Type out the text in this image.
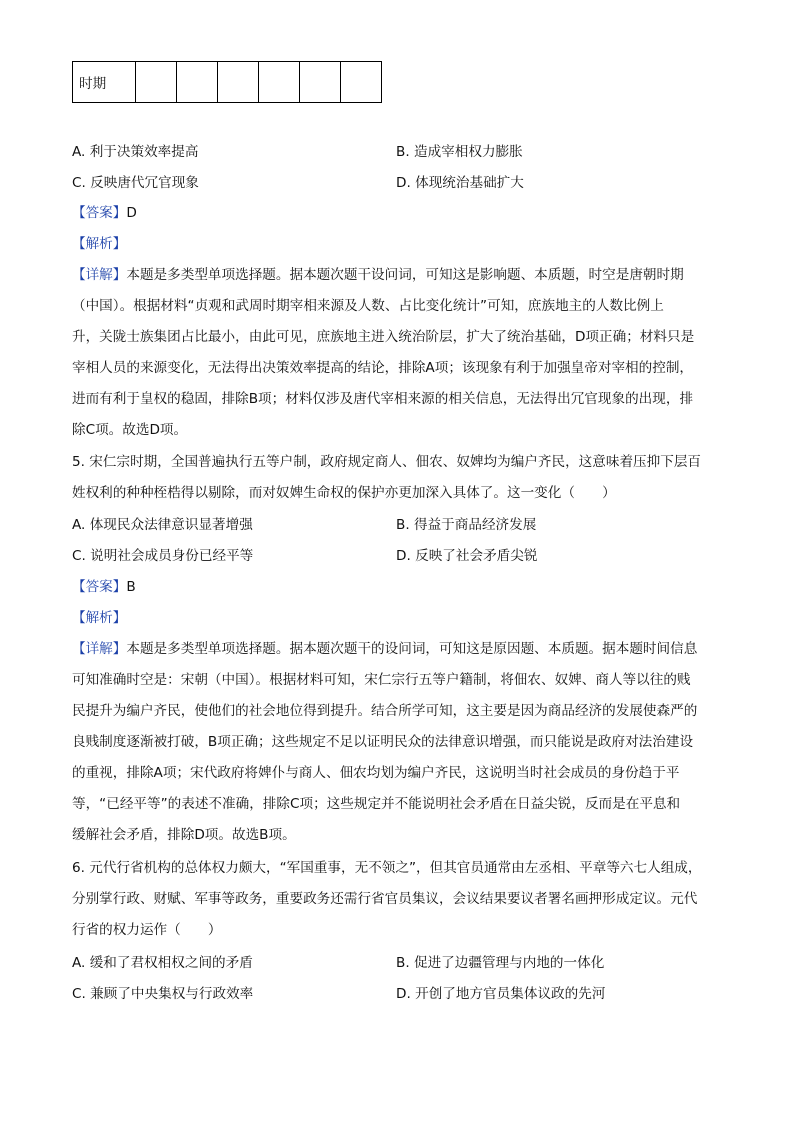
时期						
A. 利于决策效率提高	B. 造成宰相权力膨胀
C. 反映唐代冗官现象	D. 体现统治基础扩大
【答案】D
【解析】
【详解】本题是多类型单项选择题。据本题次题干设问词，可知这是影响题、本质题，时空是唐朝时期
（中国）。根据材料“贞观和武周时期宰相来源及人数、占比变化统计”可知，庶族地主的人数比例上
升，关陇士族集团占比最小，由此可见，庶族地主进入统治阶层，扩大了统治基础，D项正确；材料只是
宰相人员的来源变化，无法得出决策效率提高的结论，排除A项；该现象有利于加强皇帝对宰相的控制，
进而有利于皇权的稳固，排除B项；材料仅涉及唐代宰相来源的相关信息，无法得出冗官现象的出现，排
除C项。故选D项。
5. 宋仁宗时期，全国普遍执行五等户制，政府规定商人、佃农、奴婢均为编户齐民，这意味着压抑下层百
姓权利的种种桎梏得以剔除，而对奴婢生命权的保护亦更加深入具体了。这一变化（　　）
A. 体现民众法律意识显著增强	B. 得益于商品经济发展
C. 说明社会成员身份已经平等	D. 反映了社会矛盾尖锐
【答案】B
【解析】
【详解】本题是多类型单项选择题。据本题次题干的设问词，可知这是原因题、本质题。据本题时间信息
可知准确时空是：宋朝（中国）。根据材料可知，宋仁宗行五等户籍制，将佃农、奴婢、商人等以往的贱
民提升为编户齐民，使他们的社会地位得到提升。结合所学可知，这主要是因为商品经济的发展使森严的
良贱制度逐渐被打破，B项正确；这些规定不足以证明民众的法律意识增强，而只能说是政府对法治建设
的重视，排除A项；宋代政府将婢仆与商人、佃农均划为编户齐民，这说明当时社会成员的身份趋于平
等，“已经平等”的表述不准确，排除C项；这些规定并不能说明社会矛盾在日益尖锐，反而是在平息和
缓解社会矛盾，排除D项。故选B项。
6. 元代行省机构的总体权力颇大，“军国重事，无不领之”，但其官员通常由左丞相、平章等六七人组成，
分别掌行政、财赋、军事等政务，重要政务还需行省官员集议，会议结果要议者署名画押形成定议。元代
行省的权力运作（　　）
A. 缓和了君权相权之间的矛盾	B. 促进了边疆管理与内地的一体化
C. 兼顾了中央集权与行政效率	D. 开创了地方官员集体议政的先河
